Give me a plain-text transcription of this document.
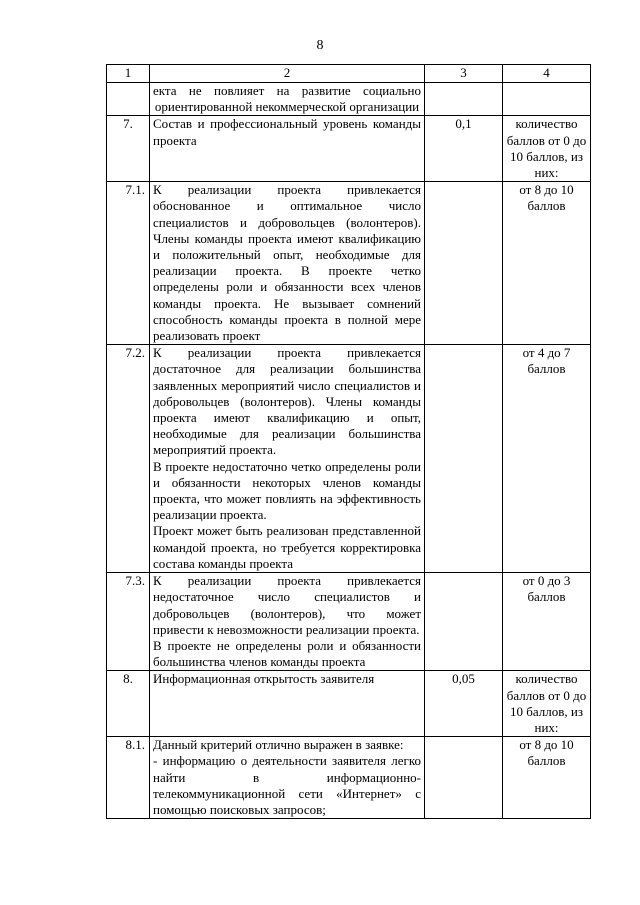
8
1	2	3	4

	екта не повлияет на развитие социально ориентированной некоммерческой организации		

7.	Состав и профессиональный уровень команды проекта	0,1	количество баллов от 0 до 10 баллов, из них:
7.1.	К реализации проекта привлекается обоснованное и оптимальное число специалистов и добровольцев (волонтеров). Члены команды проекта имеют квалификацию и положительный опыт, необходимые для реализации проекта. В проекте четко определены роли и обязанности всех членов команды проекта. Не вызывает сомнений способность команды проекта в полной мере реализовать проект		от 8 до 10 баллов
7.2.	К реализации проекта привлекается достаточное для реализации большинства заявленных мероприятий число специалистов и добровольцев (волонтеров). Члены команды проекта имеют квалификацию и опыт, необходимые для реализации большинства мероприятий проекта.
В проекте недостаточно четко определены роли и обязанности некоторых членов команды проекта, что может повлиять на эффективность реализации проекта.
Проект может быть реализован представленной командой проекта, но требуется корректировка состава команды проекта		от 4 до 7 баллов
7.3.	К реализации проекта привлекается недостаточное число специалистов и добровольцев (волонтеров), что может привести к невозможности реализации проекта.
В проекте не определены роли и обязанности большинства членов команды проекта		от 0 до 3 баллов
8.	Информационная открытость заявителя	0,05	количество баллов от 0 до 10 баллов, из них:
8.1.	Данный критерий отлично выражен в заявке:
- информацию о деятельности заявителя легко найти в информационно-телекоммуникационной сети «Интернет» с помощью поисковых запросов;		от 8 до 10 баллов
